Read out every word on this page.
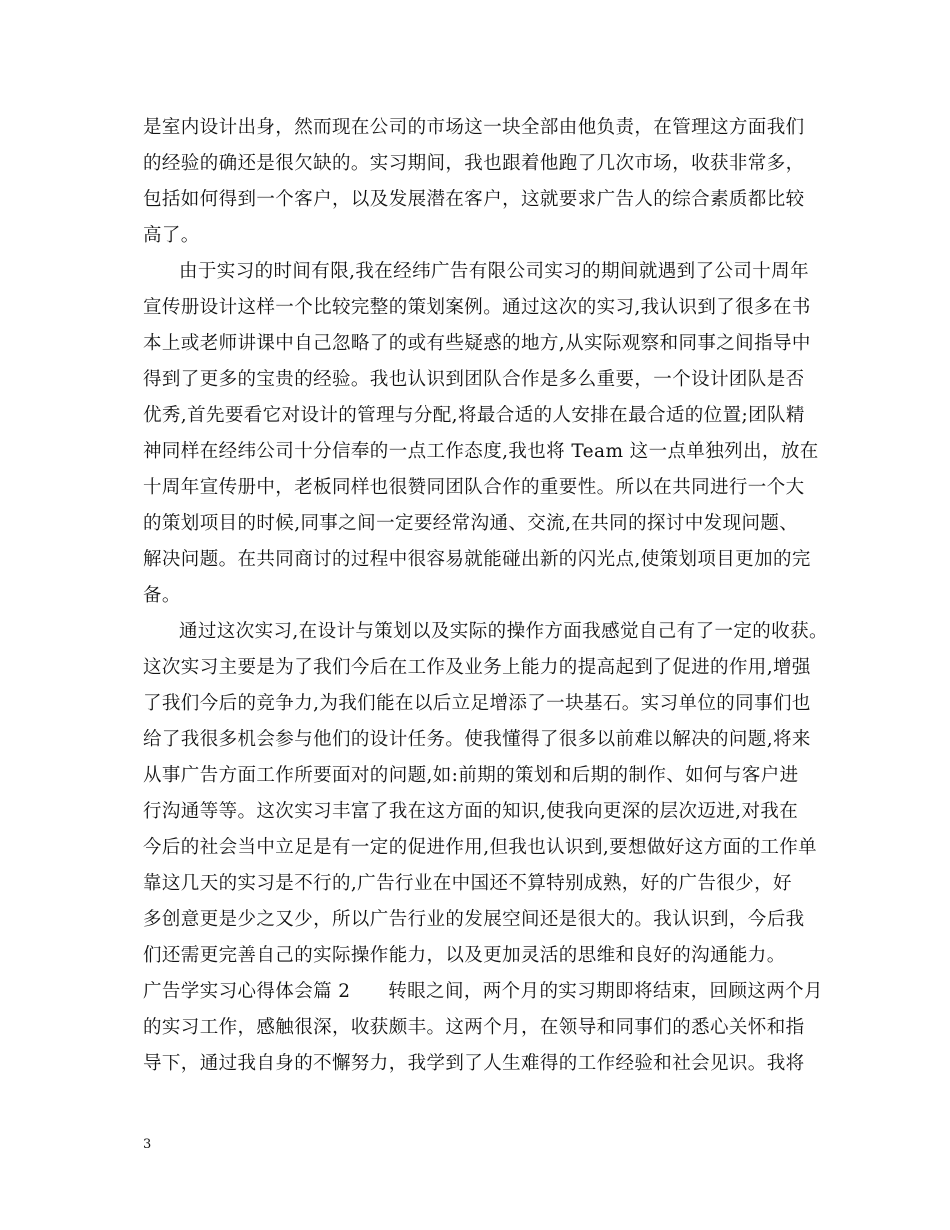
是室内设计出身，然而现在公司的市场这一块全部由他负责，在管理这方面我们
的经验的确还是很欠缺的。实习期间，我也跟着他跑了几次市场，收获非常多，
包括如何得到一个客户，以及发展潜在客户，这就要求广告人的综合素质都比较
高了。
由于实习的时间有限,我在经纬广告有限公司实习的期间就遇到了公司十周年
宣传册设计这样一个比较完整的策划案例。通过这次的实习,我认识到了很多在书
本上或老师讲课中自己忽略了的或有些疑惑的地方,从实际观察和同事之间指导中
得到了更多的宝贵的经验。我也认识到团队合作是多么重要，一个设计团队是否
优秀,首先要看它对设计的管理与分配,将最合适的人安排在最合适的位置;团队精
神同样在经纬公司十分信奉的一点工作态度,我也将 Team 这一点单独列出，放在
十周年宣传册中，老板同样也很赞同团队合作的重要性。所以在共同进行一个大
的策划项目的时候,同事之间一定要经常沟通、交流,在共同的探讨中发现问题、
解决问题。在共同商讨的过程中很容易就能碰出新的闪光点,使策划项目更加的完
备。
通过这次实习,在设计与策划以及实际的操作方面我感觉自己有了一定的收获。
这次实习主要是为了我们今后在工作及业务上能力的提高起到了促进的作用,增强
了我们今后的竞争力,为我们能在以后立足增添了一块基石。实习单位的同事们也
给了我很多机会参与他们的设计任务。使我懂得了很多以前难以解决的问题,将来
从事广告方面工作所要面对的问题,如:前期的策划和后期的制作、如何与客户进
行沟通等等。这次实习丰富了我在这方面的知识,使我向更深的层次迈进,对我在
今后的社会当中立足是有一定的促进作用,但我也认识到,要想做好这方面的工作单
靠这几天的实习是不行的,广告行业在中国还不算特别成熟，好的广告很少，好
多创意更是少之又少，所以广告行业的发展空间还是很大的。我认识到，今后我
们还需更完善自己的实际操作能力，以及更加灵活的思维和良好的沟通能力。
广告学实习心得体会篇 2　　转眼之间，两个月的实习期即将结束，回顾这两个月
的实习工作，感触很深，收获颇丰。这两个月，在领导和同事们的悉心关怀和指
导下，通过我自身的不懈努力，我学到了人生难得的工作经验和社会见识。我将
3
